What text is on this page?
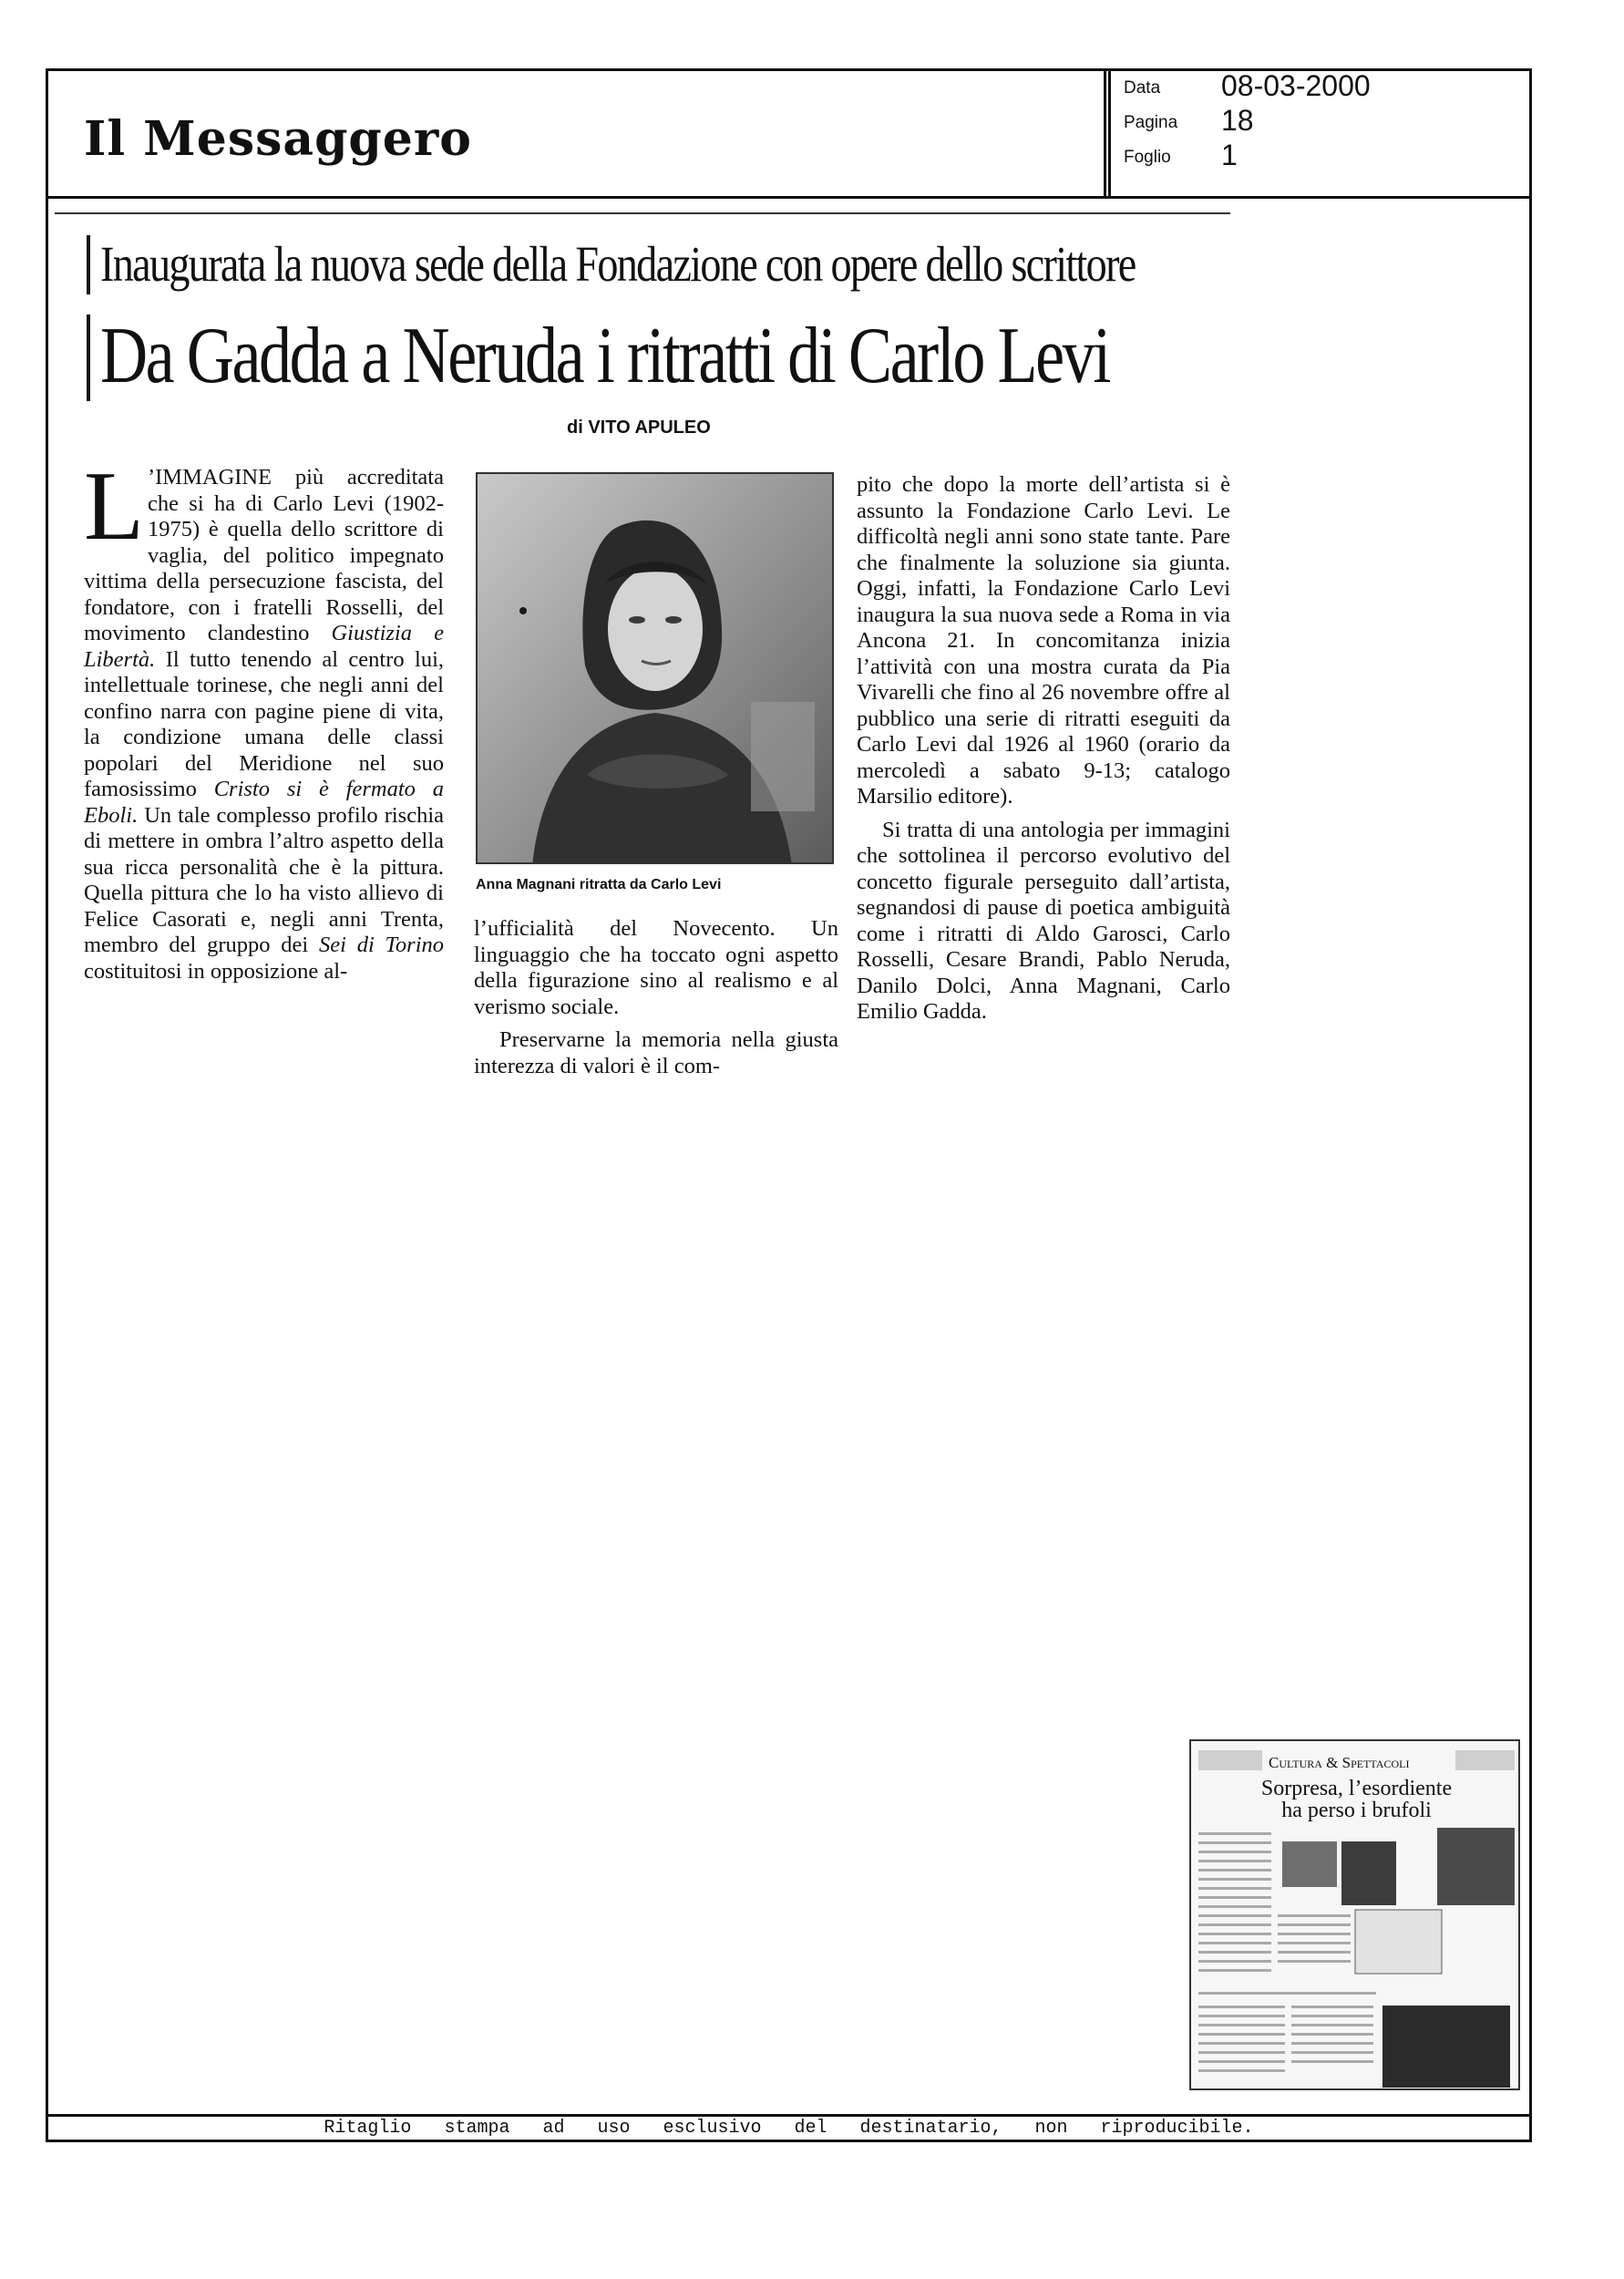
Il Messaggero
Data 08-03-2000
Pagina 18
Foglio 1
Inaugurata la nuova sede della Fondazione con opere dello scrittore
Da Gadda a Neruda i ritratti di Carlo Levi
di VITO APULEO

L ’IMMAGINE più accreditata che si ha di Carlo Levi (1902-1975) è quella dello scrittore di vaglia, del politico impegnato vittima della persecuzione fascista, del fondatore, con i fratelli Rosselli, del movimento clandestino Giustizia e Libertà. Il tutto tenendo al centro lui, intellettuale torinese, che negli anni del confino narra con pagine piene di vita, la condizione umana delle classi popolari del Meridione nel suo famosissimo Cristo si è fermato a Eboli. Un tale complesso profilo rischia di mettere in ombra l’altro aspetto della sua ricca personalità che è la pittura. Quella pittura che lo ha visto allievo di Felice Casorati e, negli anni Trenta, membro del gruppo dei Sei di Torino costituitosi in opposizione al-

Anna Magnani ritratta da Carlo Levi

l’ufficialità del Novecento. Un linguaggio che ha toccato ogni aspetto della figurazione sino al realismo e al verismo sociale.

Preservarne la memoria nella giusta interezza di valori è il com-

pito che dopo la morte dell’artista si è assunto la Fondazione Carlo Levi. Le difficoltà negli anni sono state tante. Pare che finalmente la soluzione sia giunta. Oggi, infatti, la Fondazione Carlo Levi inaugura la sua nuova sede a Roma in via Ancona 21. In concomitanza inizia l’attività con una mostra curata da Pia Vivarelli che fino al 26 novembre offre al pubblico una serie di ritratti eseguiti da Carlo Levi dal 1926 al 1960 (orario da mercoledì a sabato 9-13; catalogo Marsilio editore).

Si tratta di una antologia per immagini che sottolinea il percorso evolutivo del concetto figurale perseguito dall’artista, segnandosi di pause di poetica ambiguità come i ritratti di Aldo Garosci, Carlo Rosselli, Cesare Brandi, Pablo Neruda, Danilo Dolci, Anna Magnani, Carlo Emilio Gadda.

Cultura & Spettacoli
Sorpresa, l’esordiente
ha perso i brufoli
Ritaglio stampa ad uso esclusivo del destinatario, non riproducibile.
